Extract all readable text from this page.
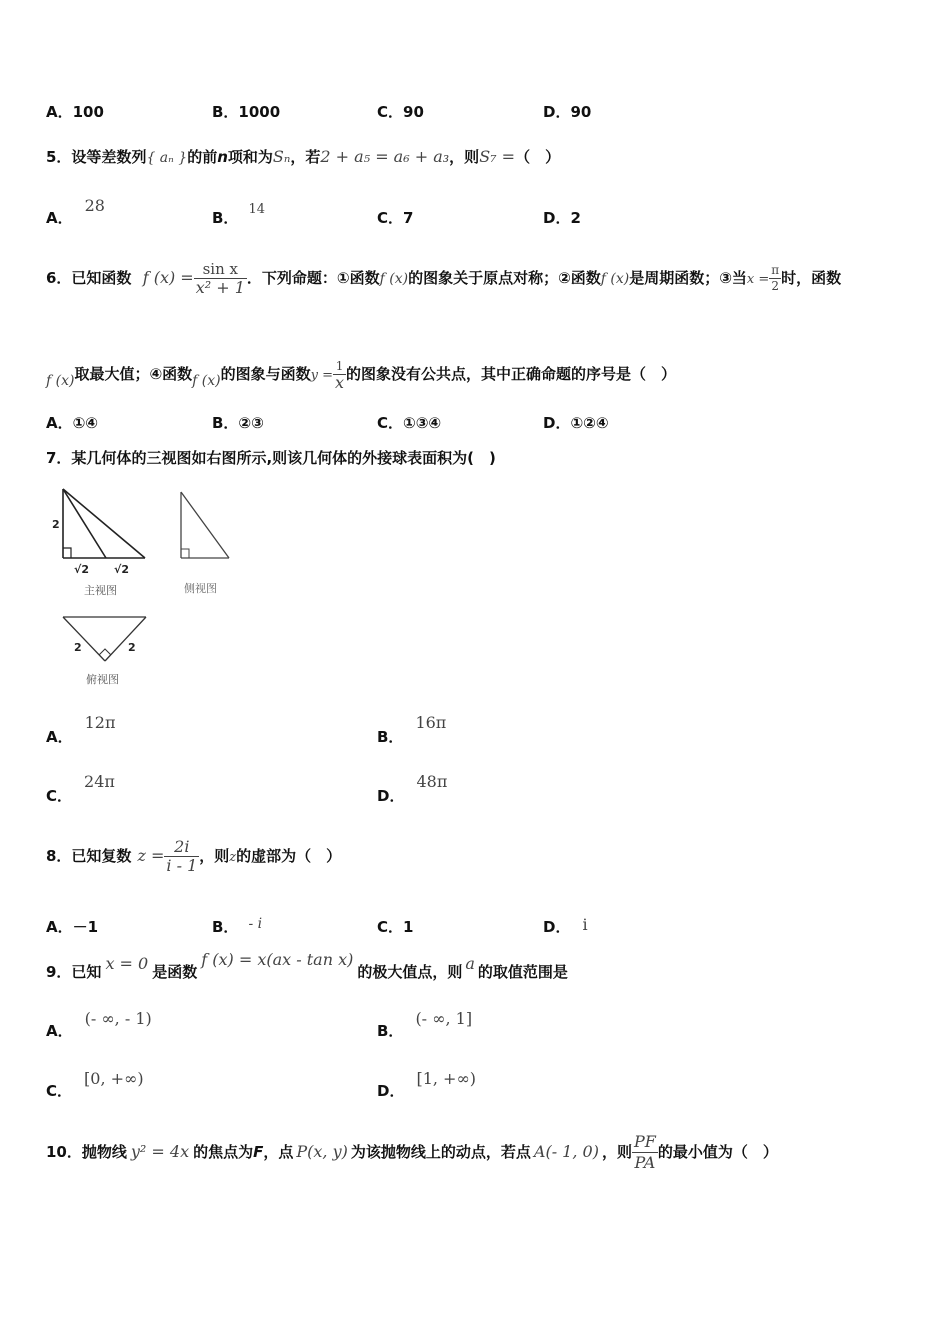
A．100	B．1000	C．90	D．90
5．设等差数列{ aₙ }的前n项和为Sₙ，若2 + a₅ = a₆ + a₃，则S₇ =（　）
A．28
B． 14	C．7	D．2
6．已知函数 f $(x) = \frac{\text{sin x}}{\text{x² + 1}}$ ．下列命题：①函数f (x)的图象关于原点对称；②函数f (x)是周期函数；③当$x = \frac{\pi}{2}$ 时，函数
f (x)取最大值；④函数f (x)的图象与函数$y = \frac{1}{x}$ 的图象没有公共点，其中正确命题的序号是（　）
A．①④	B．②③	C．①③④	D．①②④
7．某几何体的三视图如右图所示,则该几何体的外接球表面积为(　)
2
√2 √2
主视图	侧视图
2	2
俯视图
A．12π
B．16π
C．24π
D．48π
8．已知复数 $z = \frac{2i}{i - 1}$ ，则z的虚部为（　）
A．－1	B． - i	C．1	D． i
9．已知 x = 0 是函数f (x) = x(ax - tan x)的极大值点，则 a 的取值范围是
A．(- ∞, - 1)
B．(- ∞, 1]
C．[0, +∞)
D．[1, +∞)
10．抛物线 y² = 4x 的焦点为F，点 P(x, y) 为该抛物线上的动点，若点 A(- 1, 0) ，则 $\frac{PF}{PA}$ 的最小值为（　）
